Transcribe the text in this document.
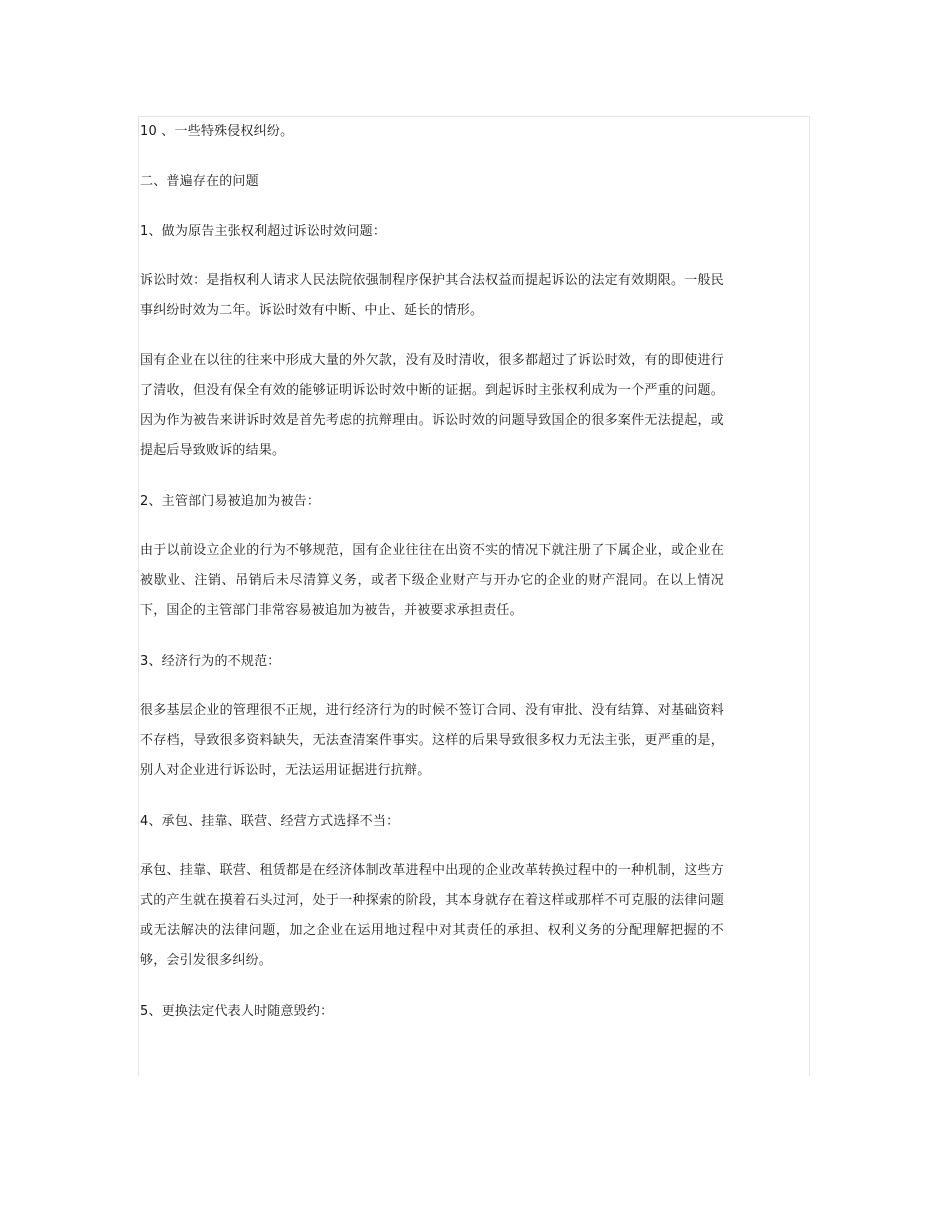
10 、一些特殊侵权纠纷。

二、普遍存在的问题

1、做为原告主张权利超过诉讼时效问题：

诉讼时效：是指权利人请求人民法院依强制程序保护其合法权益而提起诉讼的法定有效期限。一般民事纠纷时效为二年。诉讼时效有中断、中止、延长的情形。

国有企业在以往的往来中形成大量的外欠款，没有及时清收，很多都超过了诉讼时效，有的即使进行了清收，但没有保全有效的能够证明诉讼时效中断的证据。到起诉时主张权利成为一个严重的问题。因为作为被告来讲诉时效是首先考虑的抗辩理由。诉讼时效的问题导致国企的很多案件无法提起，或提起后导致败诉的结果。

2、主管部门易被追加为被告：

由于以前设立企业的行为不够规范，国有企业往往在出资不实的情况下就注册了下属企业，或企业在被歇业、注销、吊销后未尽清算义务，或者下级企业财产与开办它的企业的财产混同。在以上情况下，国企的主管部门非常容易被追加为被告，并被要求承担责任。

3、经济行为的不规范：

很多基层企业的管理很不正规，进行经济行为的时候不签订合同、没有审批、没有结算、对基础资料不存档，导致很多资料缺失，无法查清案件事实。这样的后果导致很多权力无法主张，更严重的是，别人对企业进行诉讼时，无法运用证据进行抗辩。

4、承包、挂靠、联营、经营方式选择不当：

承包、挂靠、联营、租赁都是在经济体制改革进程中出现的企业改革转换过程中的一种机制，这些方式的产生就在摸着石头过河，处于一种探索的阶段，其本身就存在着这样或那样不可克服的法律问题或无法解决的法律问题，加之企业在运用地过程中对其责任的承担、权利义务的分配理解把握的不够，会引发很多纠纷。

5、更换法定代表人时随意毁约：
